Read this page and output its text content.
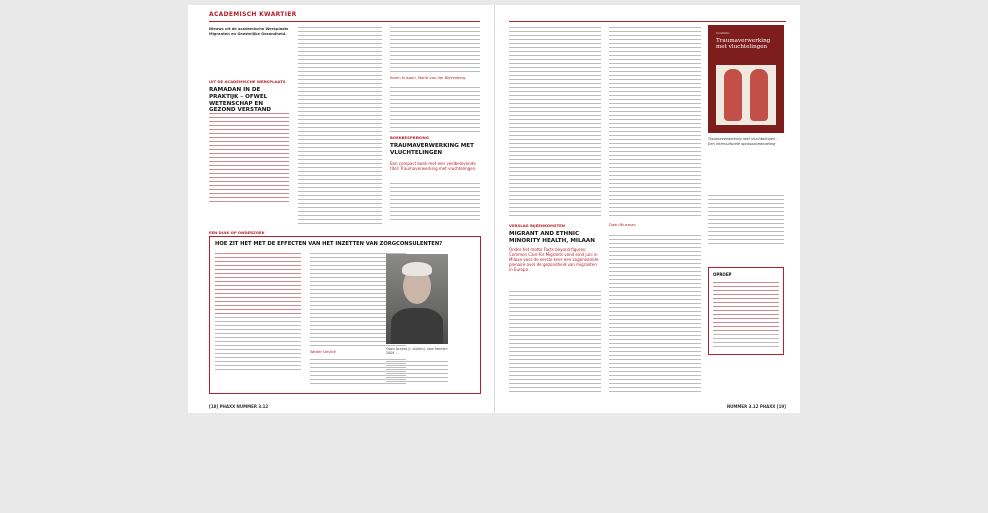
ACADEMISCH KWARTIER
Nieuws uit de academische Werkplaats Migranten en Geestelijke Gezondheid.
UIT DE ACADEMISCHE WERKPLAATS
RAMADAN IN DE PRAKTIJK – OFWEL WETENSCHAP EN GEZOND VERSTAND
Karen Krispen, Marie van der Blijvenberg
BOEKBESPREKING
TRAUMAVERWERKING MET VLUCHTELINGEN
Een compact boek met een veelbelovende titel: Traumaverwerking met vluchtelingen.
EEN DUIK OP ONDERZOEK
HOE ZIT HET MET DE EFFECTEN VAN HET INZETTEN VAN ZORGCONSULENTEN?
Walter Devillé
Open Access (i. sluiten), new frontier: 2009 ...
[18] PHAXX NUMMER 3.12
Daan Blusman
VERSLAG BIJEENKOMSTEN
MIGRANT AND ETHNIC MINORITY HEALTH, MILAAN
Onder het motto Facts beyond figures: Common Care for Migrants vond eind juni in Milaan voor de eerste keer een zogenoemde plenaire over de gezondheid van migranten in Europa.
Coutinho
Traumaverwerking met vluchtelingen
Traumaverwerking met vluchtelingen – Een interculturele sprasonbeandeling
OPROEP
NUMMER 3.12 PHAXX [19]
